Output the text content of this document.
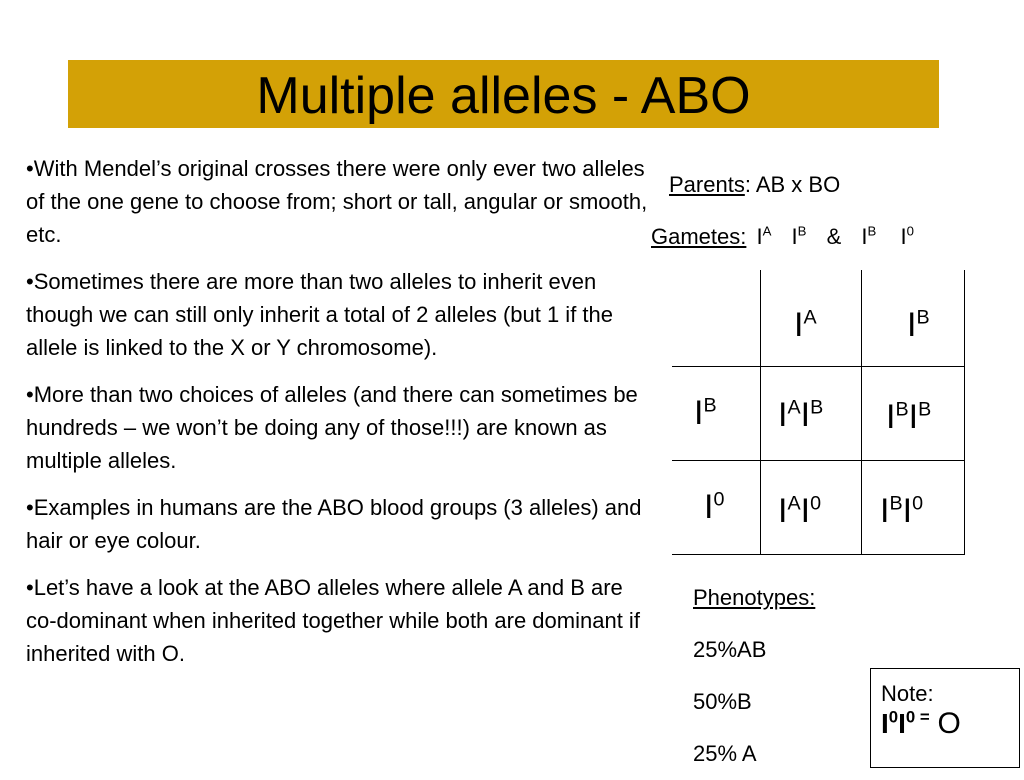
Multiple alleles - ABO

•With Mendel’s original crosses there were only ever two alleles of the one gene to choose from; short or tall, angular or smooth, etc.

•Sometimes there are more than two alleles to inherit even though we can still only inherit a total of 2 alleles (but 1 if the allele is linked to the X or Y chromosome).

•More than two choices of alleles (and there can sometimes be hundreds – we won’t be doing any of those!!!) are known as multiple alleles.

•Examples in humans are the ABO blood groups (3 alleles) and hair or eye colour.

•Let’s have a look at the ABO alleles where allele A and B are co-dominant when inherited together while both are dominant if inherited with O.

Parents: AB x BO
Gametes: $I^A$ $I^B$ & $I^B$ $I^0$
$I^A$	$I^B$
$I^B$
$I^0$
$I^AI^B$ $I^BI^B$
$I^AI^0$ $I^BI^0$
Phenotypes:
25%AB
50%B
25% A
Note:
$I^0I^{0 =}$ O
